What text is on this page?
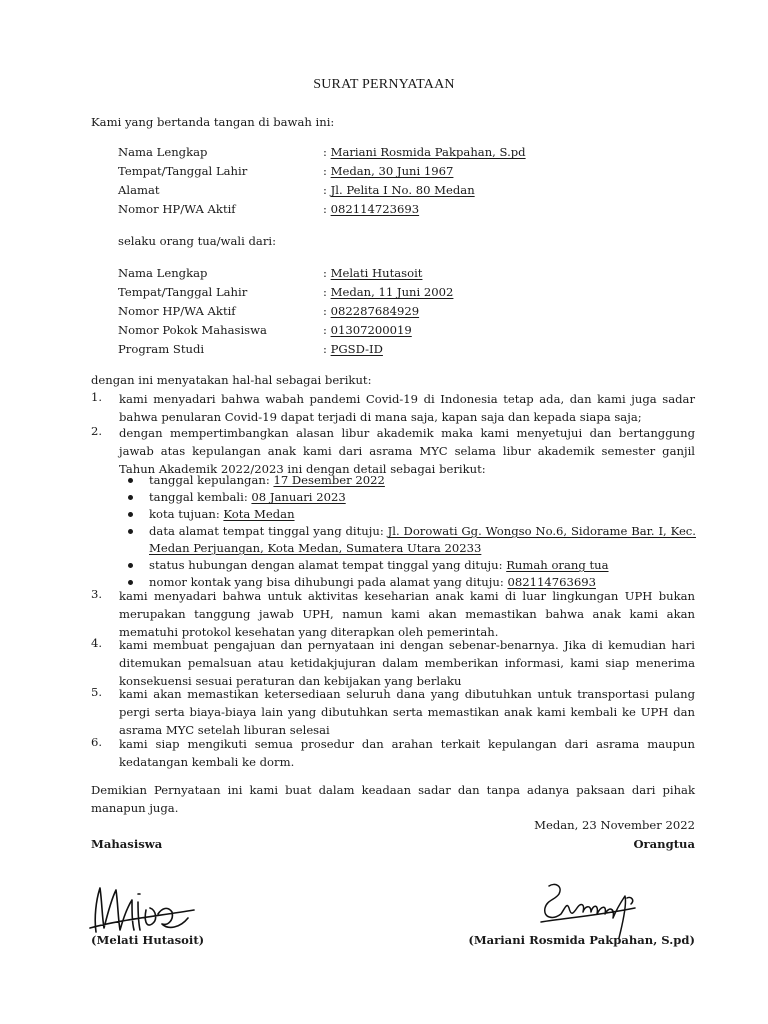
SURAT PERNYATAAN
Kami yang bertanda tangan di bawah ini:
Nama Lengkap	: Mariani Rosmida Pakpahan, S.pd
Tempat/Tanggal Lahir	: Medan, 30 Juni 1967
Alamat	: Jl. Pelita I No. 80 Medan
Nomor HP/WA Aktif	: 082114723693
selaku orang tua/wali dari:
Nama Lengkap	: Melati Hutasoit
Tempat/Tanggal Lahir	: Medan, 11 Juni 2002
Nomor HP/WA Aktif	: 082287684929
Nomor Pokok Mahasiswa	: 01307200019
Program Studi	: PGSD-ID
dengan ini menyatakan hal-hal sebagai berikut:
1. kami menyadari bahwa wabah pandemi Covid-19 di Indonesia tetap ada, dan kami juga sadar bahwa penularan Covid-19 dapat terjadi di mana saja, kapan saja dan kepada siapa saja;
2. dengan mempertimbangkan alasan libur akademik maka kami menyetujui dan bertanggung jawab atas kepulangan anak kami dari asrama MYC selama libur akademik semester ganjil Tahun Akademik 2022/2023 ini dengan detail sebagai berikut:
tanggal kepulangan: 17 Desember 2022
tanggal kembali: 08 Januari 2023
kota tujuan: Kota Medan
data alamat tempat tinggal yang dituju: Jl. Dorowati Gg. Wongso No.6, Sidorame Bar. I, Kec. Medan Perjuangan, Kota Medan, Sumatera Utara 20233
status hubungan dengan alamat tempat tinggal yang dituju: Rumah orang tua
nomor kontak yang bisa dihubungi pada alamat yang dituju: 082114763693
3. kami menyadari bahwa untuk aktivitas keseharian anak kami di luar lingkungan UPH bukan merupakan tanggung jawab UPH, namun kami akan memastikan bahwa anak kami akan mematuhi protokol kesehatan yang diterapkan oleh pemerintah.
4. kami membuat pengajuan dan pernyataan ini dengan sebenar-benarnya. Jika di kemudian hari ditemukan pemalsuan atau ketidakjujuran dalam memberikan informasi, kami siap menerima konsekuensi sesuai peraturan dan kebijakan yang berlaku
5. kami akan memastikan ketersediaan seluruh dana yang dibutuhkan untuk transportasi pulang pergi serta biaya-biaya lain yang dibutuhkan serta memastikan anak kami kembali ke UPH dan asrama MYC setelah liburan selesai
6. kami siap mengikuti semua prosedur dan arahan terkait kepulangan dari asrama maupun kedatangan kembali ke dorm.
Demikian Pernyataan ini kami buat dalam keadaan sadar dan tanpa adanya paksaan dari pihak manapun juga.
Medan, 23 November 2022
Mahasiswa	Orangtua
(Melati Hutasoit)	(Mariani Rosmida Pakpahan, S.pd)
